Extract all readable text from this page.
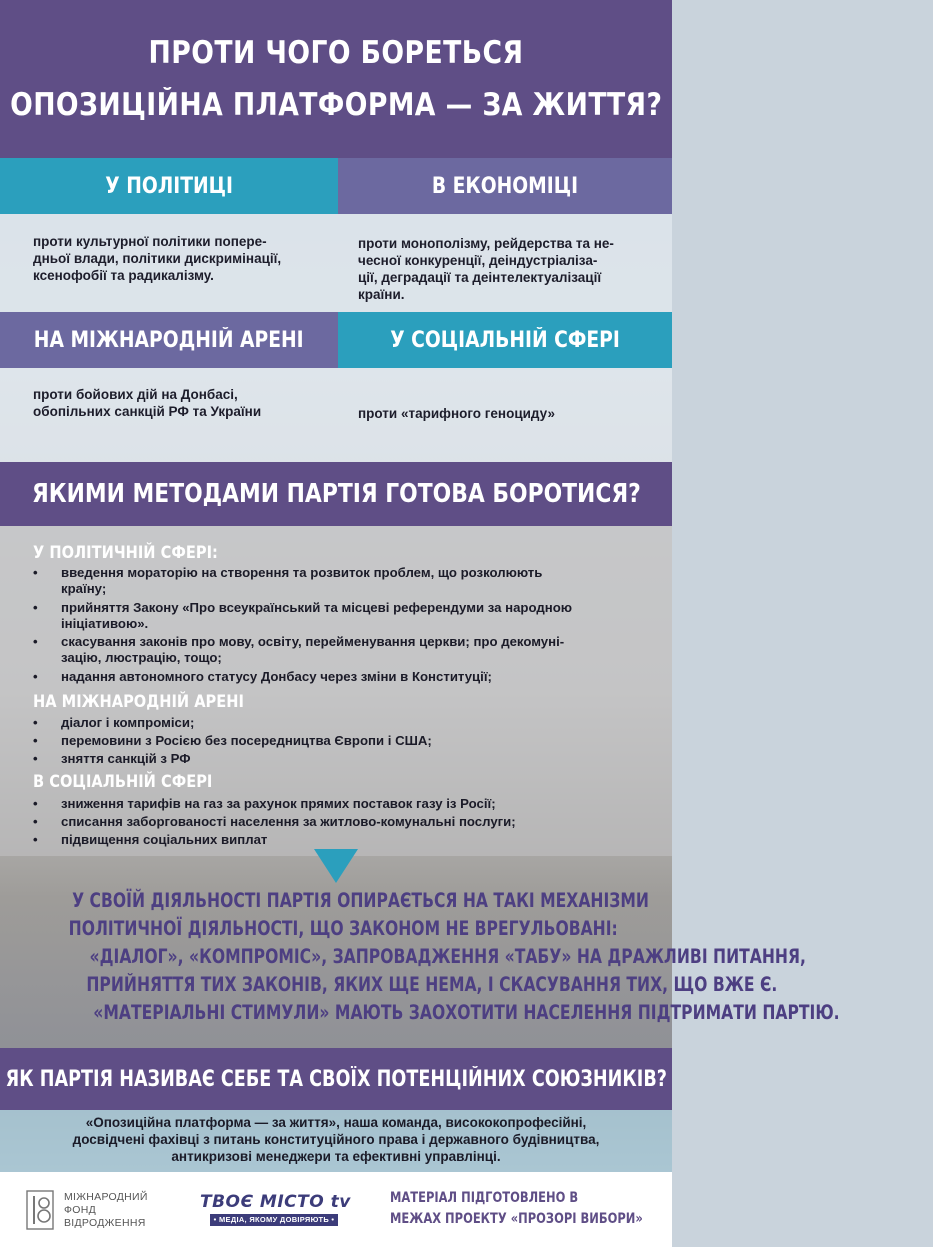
ПРОТИ ЧОГО БОРЕТЬСЯ
ОПОЗИЦІЙНА ПЛАТФОРМА — ЗА ЖИТТЯ?
У ПОЛІТИЦІ
проти культурної політики попере-
дньої влади, політики дискримінації,
ксенофобії та радикалізму.
В ЕКОНОМІЦІ
проти монополізму, рейдерства та не-
чесної конкуренції, деіндустріаліза-
ції, деградації та деінтелектуалізації
країни.
НА МІЖНАРОДНІЙ АРЕНІ
проти бойових дій на Донбасі,
обопільних санкцій РФ та України
У СОЦІАЛЬНІЙ СФЕРІ
проти «тарифного геноциду»
ЯКИМИ МЕТОДАМИ ПАРТІЯ ГОТОВА БОРОТИСЯ?
У ПОЛІТИЧНІЙ СФЕРІ:
•	введення мораторію на створення та розвиток проблем, що розколюють
країну;
•	прийняття Закону «Про всеукраїнський та місцеві референдуми за народною
ініціативою».
•	скасування законів про мову, освіту, перейменування церкви; про декомуні-
зацію, люстрацію, тощо;
•	надання автономного статусу Донбасу через зміни в Конституції;
НА МІЖНАРОДНІЙ АРЕНІ
•	діалог і компроміси;
•	перемовини з Росією без посередництва Європи і США;
•	зняття санкцій з РФ
В СОЦІАЛЬНІЙ СФЕРІ
•	зниження тарифів на газ за рахунок прямих поставок газу із Росії;
•	списання заборгованості населення за житлово-комунальні послуги;
•	підвищення соціальних виплат
У СВОЇЙ ДІЯЛЬНОСТІ ПАРТІЯ ОПИРАЄТЬСЯ НА ТАКІ МЕХАНІЗМИ
ПОЛІТИЧНОЇ ДІЯЛЬНОСТІ, ЩО ЗАКОНОМ НЕ ВРЕГУЛЬОВАНІ:
«ДІАЛОГ», «КОМПРОМІС», ЗАПРОВАДЖЕННЯ «ТАБУ» НА ДРАЖЛИВІ ПИТАННЯ,
ПРИЙНЯТТЯ ТИХ ЗАКОНІВ, ЯКИХ ЩЕ НЕМА, І СКАСУВАННЯ ТИХ, ЩО ВЖЕ Є.
«МАТЕРІАЛЬНІ СТИМУЛИ» МАЮТЬ ЗАОХОТИТИ НАСЕЛЕННЯ ПІДТРИМАТИ ПАРТІЮ.
ЯК ПАРТІЯ НАЗИВАЄ СЕБЕ ТА СВОЇХ ПОТЕНЦІЙНИХ СОЮЗНИКІВ?
«Опозиційна платформа — за життя», наша команда, висококопрофесійні,
досвідчені фахівці з питань конституційного права і державного будівництва,
антикризові менеджери та ефективні управлінці.
МІЖНАРОДНИЙ
ФОНД
ВІДРОДЖЕННЯ
ТВОЄ МІСТО tv
• МЕДІА, ЯКОМУ ДОВІРЯЮТЬ •
МАТЕРІАЛ ПІДГОТОВЛЕНО В
МЕЖАХ ПРОЕКТУ «ПРОЗОРІ ВИБОРИ»
